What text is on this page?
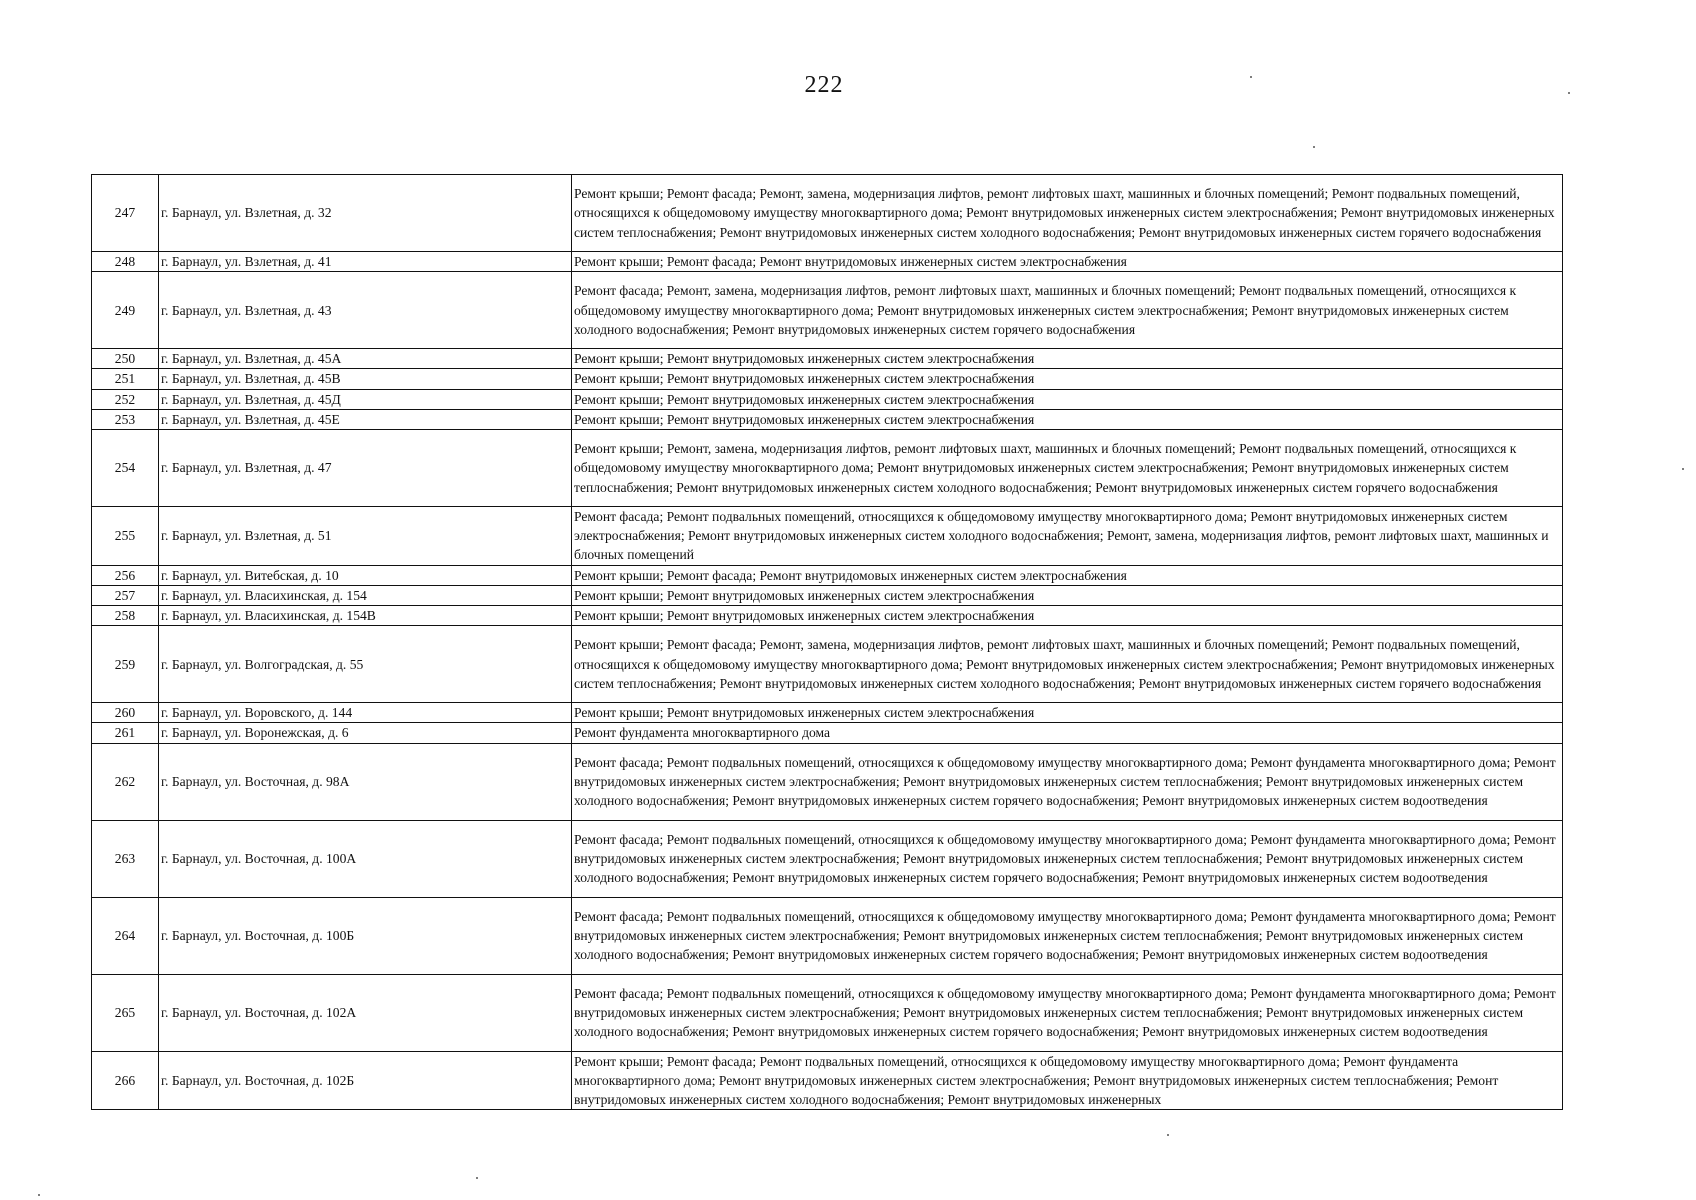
222
247	г. Барнаул, ул. Взлетная, д. 32	Ремонт крыши; Ремонт фасада; Ремонт, замена, модернизация лифтов, ремонт лифтовых шахт, машинных и блочных помещений; Ремонт подвальных помещений, относящихся к общедомовому имуществу многоквартирного дома; Ремонт внутридомовых инженерных систем электроснабжения; Ремонт внутридомовых инженерных систем теплоснабжения; Ремонт внутридомовых инженерных систем холодного водоснабжения; Ремонт внутридомовых инженерных систем горячего водоснабжения
248	г. Барнаул, ул. Взлетная, д. 41	Ремонт крыши; Ремонт фасада; Ремонт внутридомовых инженерных систем электроснабжения
249	г. Барнаул, ул. Взлетная, д. 43	Ремонт фасада; Ремонт, замена, модернизация лифтов, ремонт лифтовых шахт, машинных и блочных помещений; Ремонт подвальных помещений, относящихся к общедомовому имуществу многоквартирного дома; Ремонт внутридомовых инженерных систем электроснабжения; Ремонт внутридомовых инженерных систем холодного водоснабжения; Ремонт внутридомовых инженерных систем горячего водоснабжения
250	г. Барнаул, ул. Взлетная, д. 45А	Ремонт крыши; Ремонт внутридомовых инженерных систем электроснабжения
251	г. Барнаул, ул. Взлетная, д. 45В	Ремонт крыши; Ремонт внутридомовых инженерных систем электроснабжения
252	г. Барнаул, ул. Взлетная, д. 45Д	Ремонт крыши; Ремонт внутридомовых инженерных систем электроснабжения
253	г. Барнаул, ул. Взлетная, д. 45Е	Ремонт крыши; Ремонт внутридомовых инженерных систем электроснабжения
254	г. Барнаул, ул. Взлетная, д. 47	Ремонт крыши; Ремонт, замена, модернизация лифтов, ремонт лифтовых шахт, машинных и блочных помещений; Ремонт подвальных помещений, относящихся к общедомовому имуществу многоквартирного дома; Ремонт внутридомовых инженерных систем электроснабжения; Ремонт внутридомовых инженерных систем теплоснабжения; Ремонт внутридомовых инженерных систем холодного водоснабжения; Ремонт внутридомовых инженерных систем горячего водоснабжения
255	г. Барнаул, ул. Взлетная, д. 51	Ремонт фасада; Ремонт подвальных помещений, относящихся к общедомовому имуществу многоквартирного дома; Ремонт внутридомовых инженерных систем электроснабжения; Ремонт внутридомовых инженерных систем холодного водоснабжения; Ремонт, замена, модернизация лифтов, ремонт лифтовых шахт, машинных и блочных помещений
256	г. Барнаул, ул. Витебская, д. 10	Ремонт крыши; Ремонт фасада; Ремонт внутридомовых инженерных систем электроснабжения
257	г. Барнаул, ул. Власихинская, д. 154	Ремонт крыши; Ремонт внутридомовых инженерных систем электроснабжения
258	г. Барнаул, ул. Власихинская, д. 154В	Ремонт крыши; Ремонт внутридомовых инженерных систем электроснабжения
259	г. Барнаул, ул. Волгоградская, д. 55	Ремонт крыши; Ремонт фасада; Ремонт, замена, модернизация лифтов, ремонт лифтовых шахт, машинных и блочных помещений; Ремонт подвальных помещений, относящихся к общедомовому имуществу многоквартирного дома; Ремонт внутридомовых инженерных систем электроснабжения; Ремонт внутридомовых инженерных систем теплоснабжения; Ремонт внутридомовых инженерных систем холодного водоснабжения; Ремонт внутридомовых инженерных систем горячего водоснабжения
260	г. Барнаул, ул. Воровского, д. 144	Ремонт крыши; Ремонт внутридомовых инженерных систем электроснабжения
261	г. Барнаул, ул. Воронежская, д. 6	Ремонт фундамента многоквартирного дома
262	г. Барнаул, ул. Восточная, д. 98А	Ремонт фасада; Ремонт подвальных помещений, относящихся к общедомовому имуществу многоквартирного дома; Ремонт фундамента многоквартирного дома; Ремонт внутридомовых инженерных систем электроснабжения; Ремонт внутридомовых инженерных систем теплоснабжения; Ремонт внутридомовых инженерных систем холодного водоснабжения; Ремонт внутридомовых инженерных систем горячего водоснабжения; Ремонт внутридомовых инженерных систем водоотведения
263	г. Барнаул, ул. Восточная, д. 100А	Ремонт фасада; Ремонт подвальных помещений, относящихся к общедомовому имуществу многоквартирного дома; Ремонт фундамента многоквартирного дома; Ремонт внутридомовых инженерных систем электроснабжения; Ремонт внутридомовых инженерных систем теплоснабжения; Ремонт внутридомовых инженерных систем холодного водоснабжения; Ремонт внутридомовых инженерных систем горячего водоснабжения; Ремонт внутридомовых инженерных систем водоотведения
264	г. Барнаул, ул. Восточная, д. 100Б	Ремонт фасада; Ремонт подвальных помещений, относящихся к общедомовому имуществу многоквартирного дома; Ремонт фундамента многоквартирного дома; Ремонт внутридомовых инженерных систем электроснабжения; Ремонт внутридомовых инженерных систем теплоснабжения; Ремонт внутридомовых инженерных систем холодного водоснабжения; Ремонт внутридомовых инженерных систем горячего водоснабжения; Ремонт внутридомовых инженерных систем водоотведения
265	г. Барнаул, ул. Восточная, д. 102А	Ремонт фасада; Ремонт подвальных помещений, относящихся к общедомовому имуществу многоквартирного дома; Ремонт фундамента многоквартирного дома; Ремонт внутридомовых инженерных систем электроснабжения; Ремонт внутридомовых инженерных систем теплоснабжения; Ремонт внутридомовых инженерных систем холодного водоснабжения; Ремонт внутридомовых инженерных систем горячего водоснабжения; Ремонт внутридомовых инженерных систем водоотведения
266	г. Барнаул, ул. Восточная, д. 102Б	Ремонт крыши; Ремонт фасада; Ремонт подвальных помещений, относящихся к общедомовому имуществу многоквартирного дома; Ремонт фундамента многоквартирного дома; Ремонт внутридомовых инженерных систем электроснабжения; Ремонт внутридомовых инженерных систем теплоснабжения; Ремонт внутридомовых инженерных систем холодного водоснабжения; Ремонт внутридомовых инженерных
